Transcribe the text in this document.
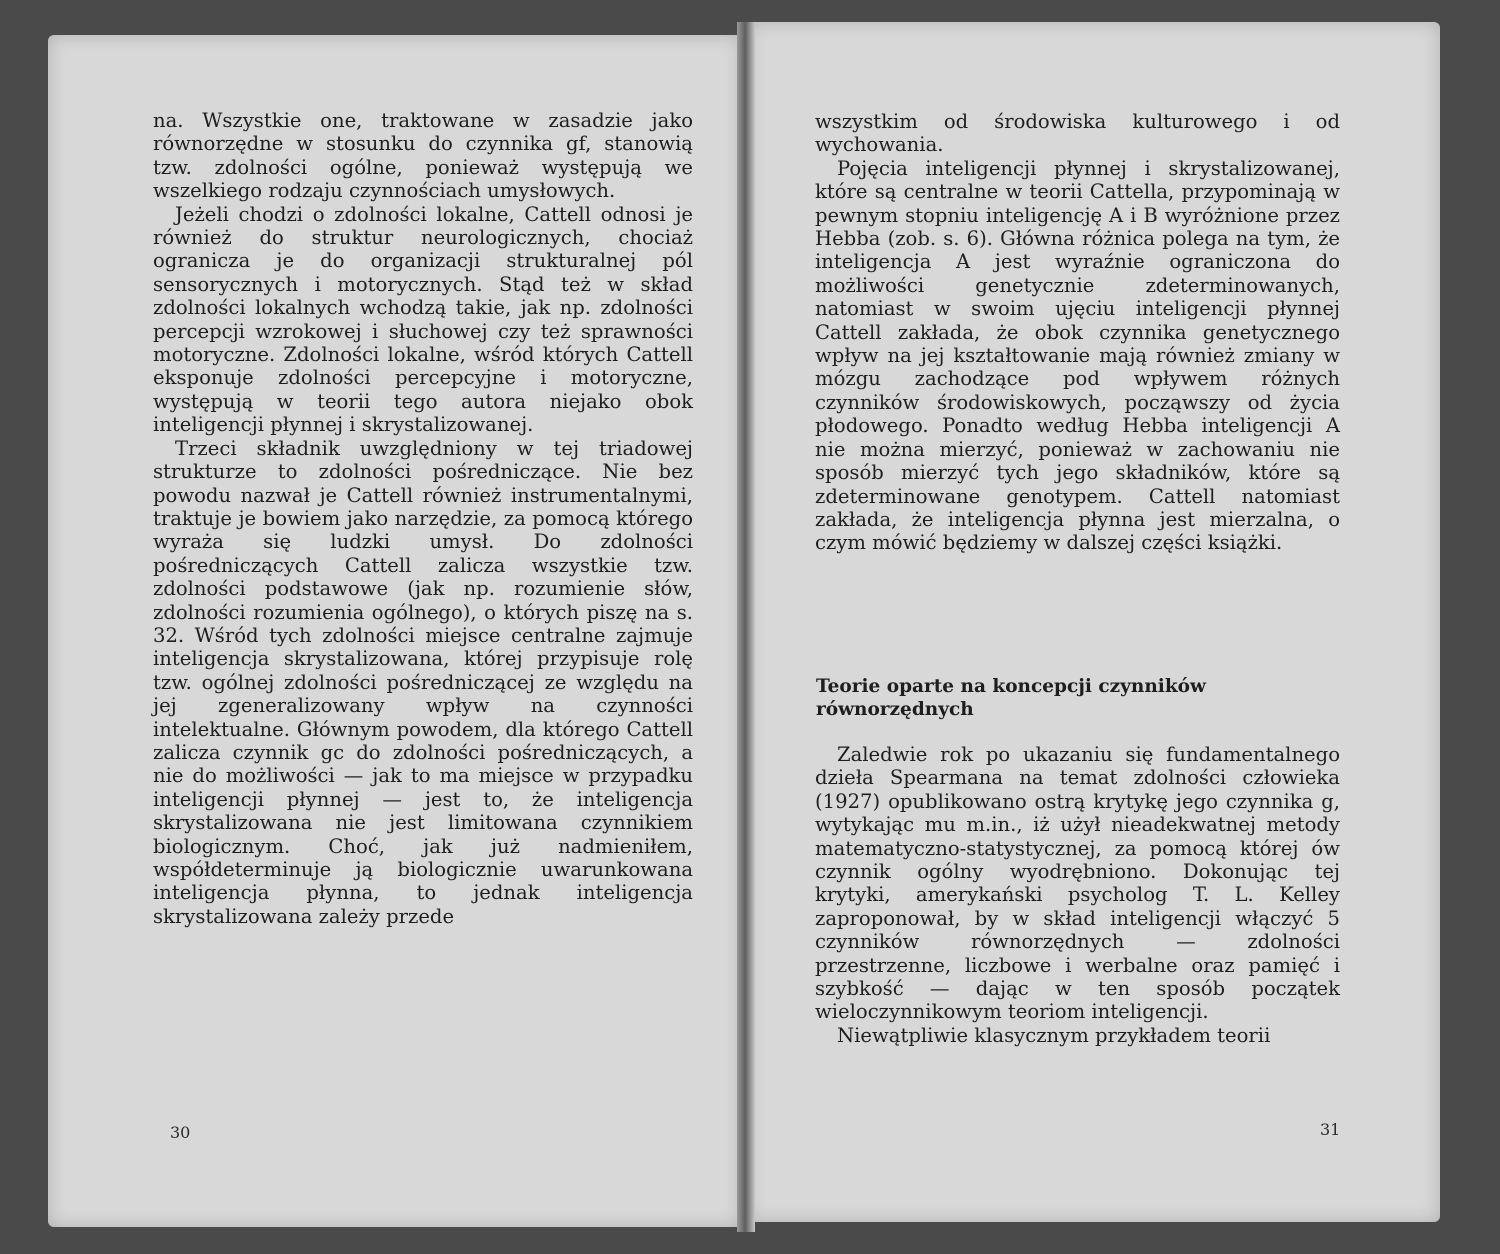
na. Wszystkie one, traktowane w zasadzie jako równorzędne w stosunku do czynnika gf, stanowią tzw. zdolności ogólne, ponieważ występują we wszelkiego rodzaju czynnościach umysłowych.

Jeżeli chodzi o zdolności lokalne, Cattell odnosi je również do struktur neurologicznych, chociaż ogranicza je do organizacji strukturalnej pól sensorycznych i motorycznych. Stąd też w skład zdolności lokalnych wchodzą takie, jak np. zdolności percepcji wzrokowej i słuchowej czy też sprawności motoryczne. Zdolności lokalne, wśród których Cattell eksponuje zdolności percepcyjne i motoryczne, występują w teorii tego autora niejako obok inteligencji płynnej i skrystalizowanej.

Trzeci składnik uwzględniony w tej triadowej strukturze to zdolności pośredniczące. Nie bez powodu nazwał je Cattell również instrumentalnymi, traktuje je bowiem jako narzędzie, za pomocą którego wyraża się ludzki umysł. Do zdolności pośredniczących Cattell zalicza wszystkie tzw. zdolności podstawowe (jak np. rozumienie słów, zdolności rozumienia ogólnego), o których piszę na s. 32. Wśród tych zdolności miejsce centralne zajmuje inteligencja skrystalizowana, której przypisuje rolę tzw. ogólnej zdolności pośredniczącej ze względu na jej zgeneralizowany wpływ na czynności intelektualne. Głównym powodem, dla którego Cattell zalicza czynnik gc do zdolności pośredniczących, a nie do możliwości — jak to ma miejsce w przypadku inteligencji płynnej — jest to, że inteligencja skrystalizowana nie jest limitowana czynnikiem biologicznym. Choć, jak już nadmieniłem, współdeterminuje ją biologicznie uwarunkowana inteligencja płynna, to jednak inteligencja skrystalizowana zależy przede

30

wszystkim od środowiska kulturowego i od wychowania.

Pojęcia inteligencji płynnej i skrystalizowanej, które są centralne w teorii Cattella, przypominają w pewnym stopniu inteligencję A i B wyróżnione przez Hebba (zob. s. 6). Główna różnica polega na tym, że inteligencja A jest wyraźnie ograniczona do możliwości genetycznie zdeterminowanych, natomiast w swoim ujęciu inteligencji płynnej Cattell zakłada, że obok czynnika genetycznego wpływ na jej kształtowanie mają również zmiany w mózgu zachodzące pod wpływem różnych czynników środowiskowych, począwszy od życia płodowego. Ponadto według Hebba inteligencji A nie można mierzyć, ponieważ w zachowaniu nie sposób mierzyć tych jego składników, które są zdeterminowane genotypem. Cattell natomiast zakłada, że inteligencja płynna jest mierzalna, o czym mówić będziemy w dalszej części książki.

Teorie oparte na koncepcji czynników równorzędnych

Zaledwie rok po ukazaniu się fundamentalnego dzieła Spearmana na temat zdolności człowieka (1927) opublikowano ostrą krytykę jego czynnika g, wytykając mu m.in., iż użył nieadekwatnej metody matematyczno-statystycznej, za pomocą której ów czynnik ogólny wyodrębniono. Dokonując tej krytyki, amerykański psycholog T. L. Kelley zaproponował, by w skład inteligencji włączyć 5 czynników równorzędnych — zdolności przestrzenne, liczbowe i werbalne oraz pamięć i szybkość — dając w ten sposób początek wieloczynnikowym teoriom inteligencji.

Niewątpliwie klasycznym przykładem teorii

31
